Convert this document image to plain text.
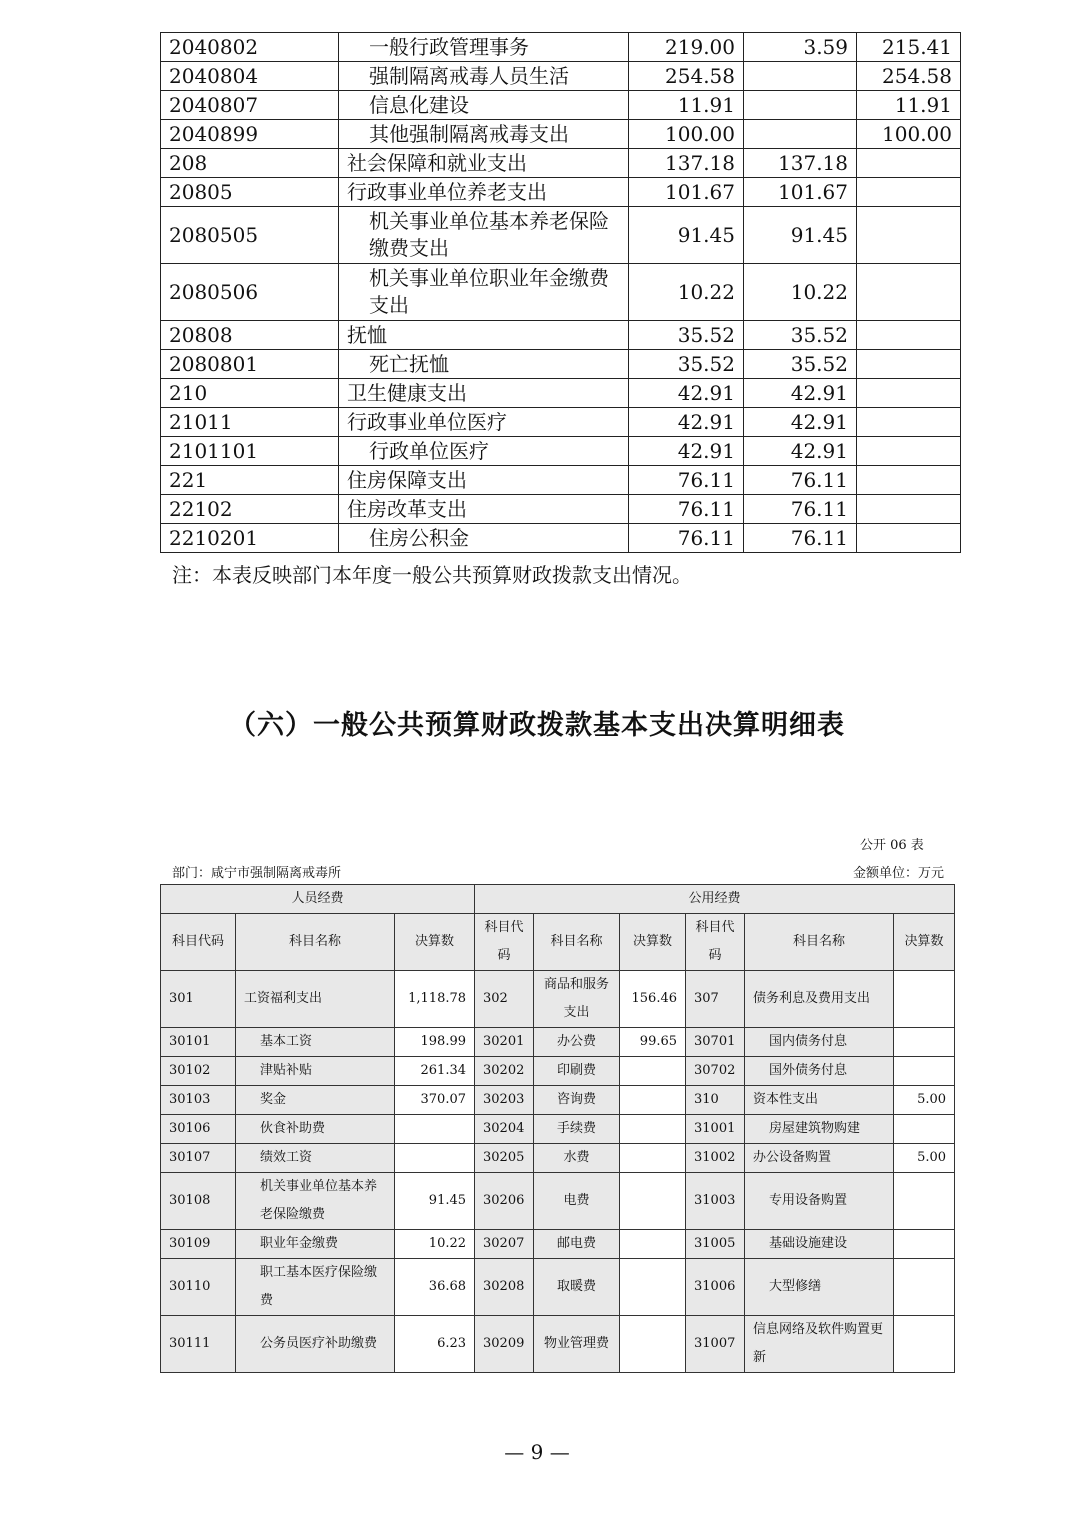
2040802	一般行政管理事务	219.00	3.59	215.41
2040804	强制隔离戒毒人员生活	254.58		254.58
2040807	信息化建设	11.91		11.91
2040899	其他强制隔离戒毒支出	100.00		100.00
208	社会保障和就业支出	137.18	137.18	
20805	行政事业单位养老支出	101.67	101.67	
2080505	机关事业单位基本养老保险缴费支出	91.45	91.45	
2080506	机关事业单位职业年金缴费支出	10.22	10.22	
20808	抚恤	35.52	35.52	
2080801	死亡抚恤	35.52	35.52	
210	卫生健康支出	42.91	42.91	
21011	行政事业单位医疗	42.91	42.91	
2101101	行政单位医疗	42.91	42.91	
221	住房保障支出	76.11	76.11	
22102	住房改革支出	76.11	76.11	
2210201	住房公积金	76.11	76.11	
注：本表反映部门本年度一般公共预算财政拨款支出情况。
（六）一般公共预算财政拨款基本支出决算明细表
公开 06 表
部门：咸宁市强制隔离戒毒所	金额单位：万元
人员经费			公用经费					
科目代码	科目名称	决算数	科目代码	科目名称	决算数	科目代码	科目名称	决算数
301	工资福利支出	1,118.78	302	商品和服务支出	156.46	307	债务利息及费用支出	
30101	基本工资	198.99	30201	办公费	99.65	30701	国内债务付息	
30102	津贴补贴	261.34	30202	印刷费		30702	国外债务付息	
30103	奖金	370.07	30203	咨询费		310	资本性支出	5.00
30106	伙食补助费		30204	手续费		31001	房屋建筑物购建	
30107	绩效工资		30205	水费		31002	办公设备购置	5.00
30108	机关事业单位基本养老保险缴费	91.45	30206	电费		31003	专用设备购置	
30109	职业年金缴费	10.22	30207	邮电费		31005	基础设施建设	
30110	职工基本医疗保险缴费	36.68	30208	取暖费		31006	大型修缮	
30111	公务员医疗补助缴费	6.23	30209	物业管理费		31007	信息网络及软件购置更新	
— 9 —
